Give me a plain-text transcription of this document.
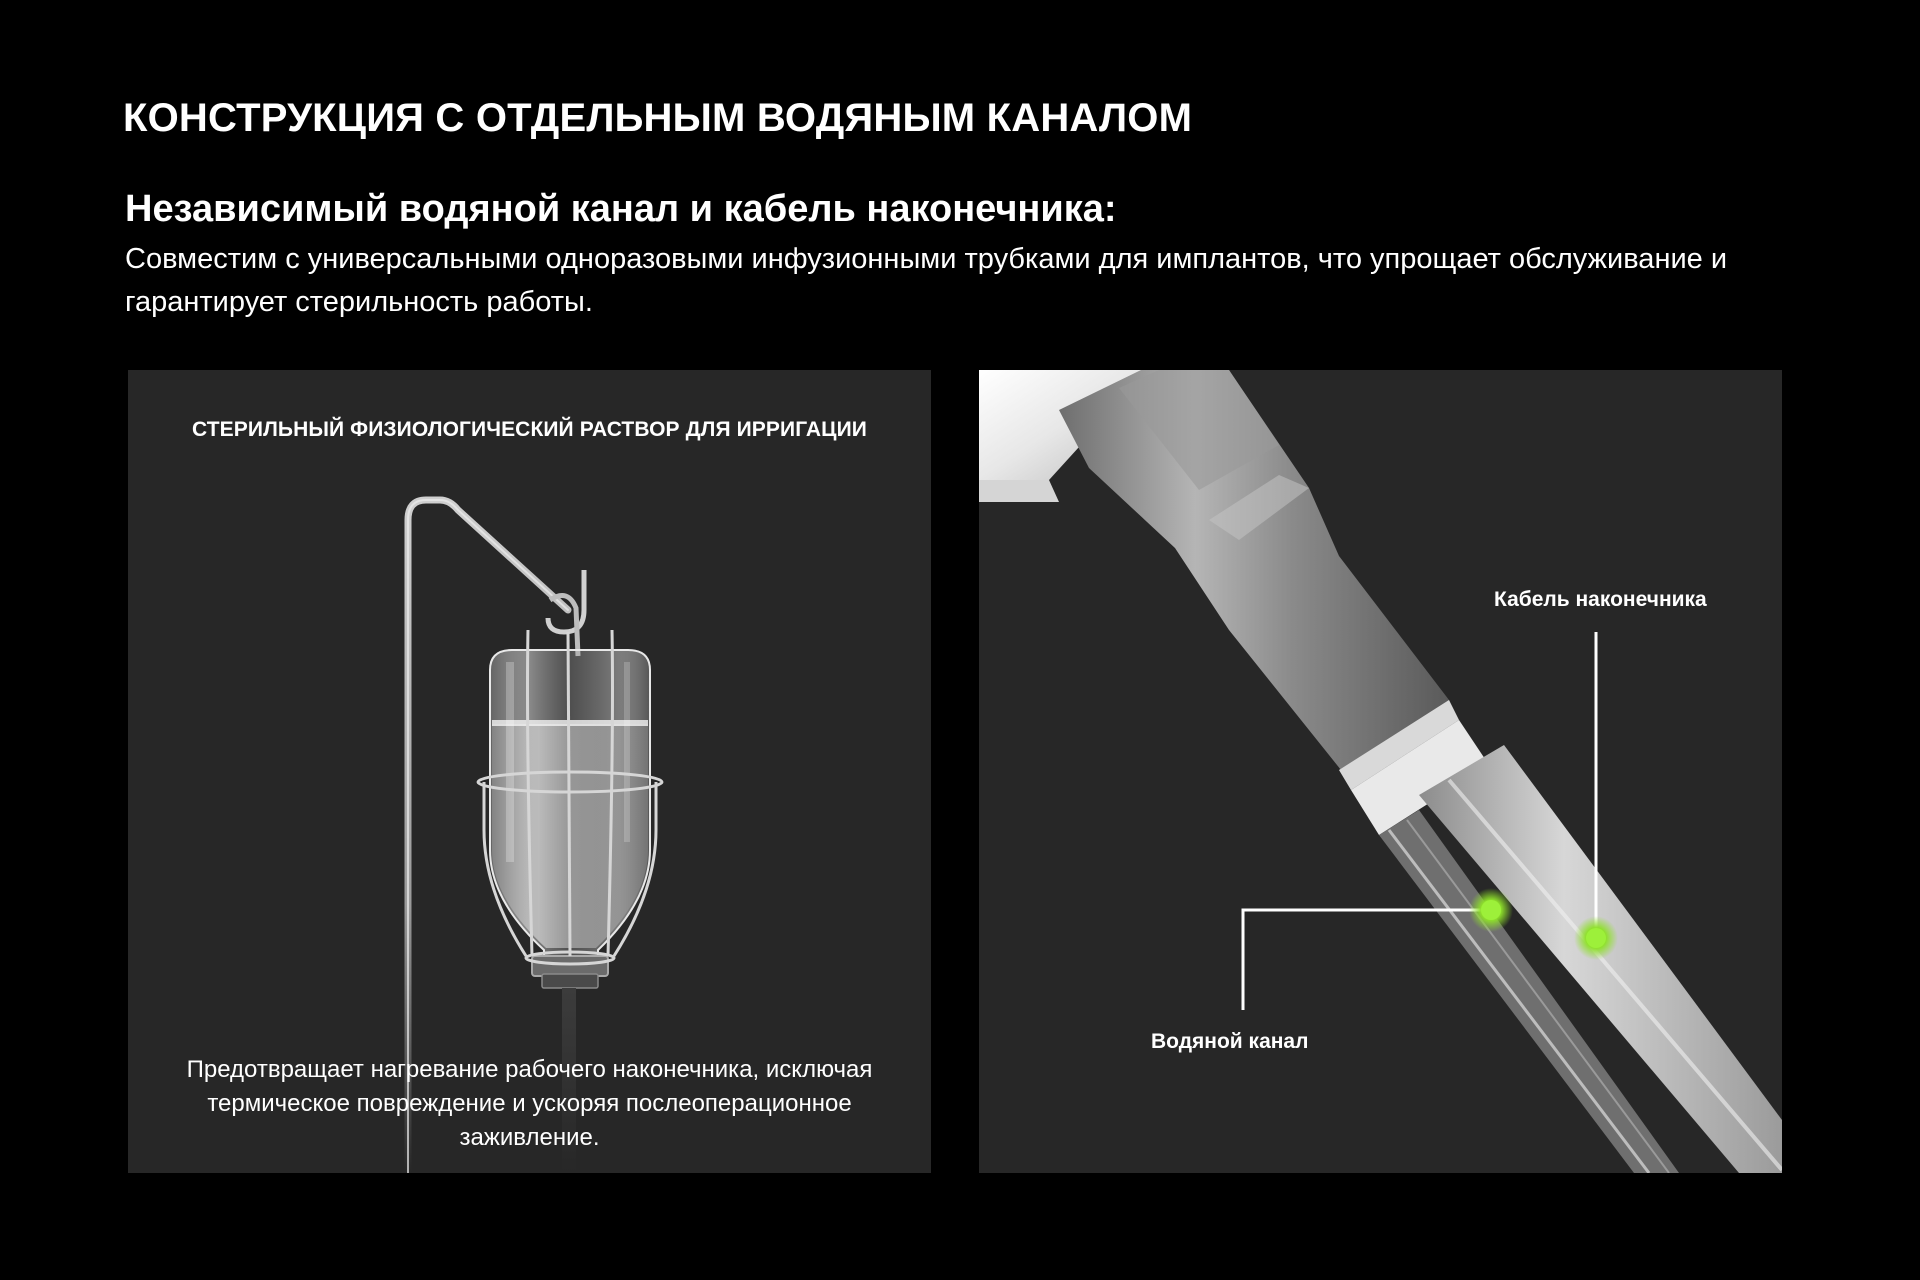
КОНСТРУКЦИЯ С ОТДЕЛЬНЫМ ВОДЯНЫМ КАНАЛОМ
Независимый водяной канал и кабель наконечника:

Совместим с универсальными одноразовыми инфузионными трубками для имплантов, что упрощает обслуживание и гарантирует стерильность работы.

СТЕРИЛЬНЫЙ ФИЗИОЛОГИЧЕСКИЙ РАСТВОР ДЛЯ ИРРИГАЦИИ
Предотвращает нагревание рабочего наконечника, исключая термическое повреждение и ускоряя послеоперационное заживление.
Кабель наконечника
Водяной канал
